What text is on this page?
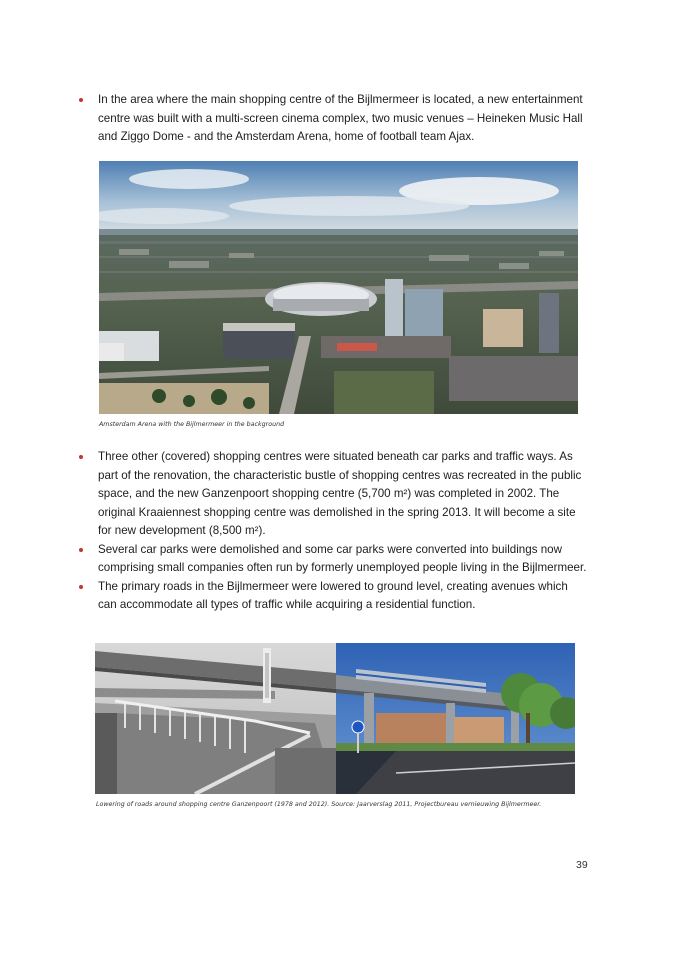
In the area where the main shopping centre of the Bijlmermeer is located, a new entertainment centre was built with a multi-screen cinema complex, two music venues – Heineken Music Hall and Ziggo Dome - and the Amsterdam Arena, home of football team Ajax.
Amsterdam Arena with the Bijlmermeer in the background
Three other (covered) shopping centres were situated beneath car parks and traffic ways. As part of the renovation, the characteristic bustle of shopping centres was recreated in the public space, and the new Ganzenpoort shopping centre (5,700 m²) was completed in 2002. The original Kraaiennest shopping centre was demolished in the spring 2013. It will become a site for new development (8,500 m²).
Several car parks were demolished and some car parks were converted into buildings now comprising small companies often run by formerly unemployed people living in the Bijlmermeer.
The primary roads in the Bijlmermeer were lowered to ground level, creating avenues which can accommodate all types of traffic while acquiring a residential function.
Lowering of roads around shopping centre Ganzenpoort (1978 and 2012). Source: Jaarverslag 2011, Projectbureau vernieuwing Bijlmermeer.
39
